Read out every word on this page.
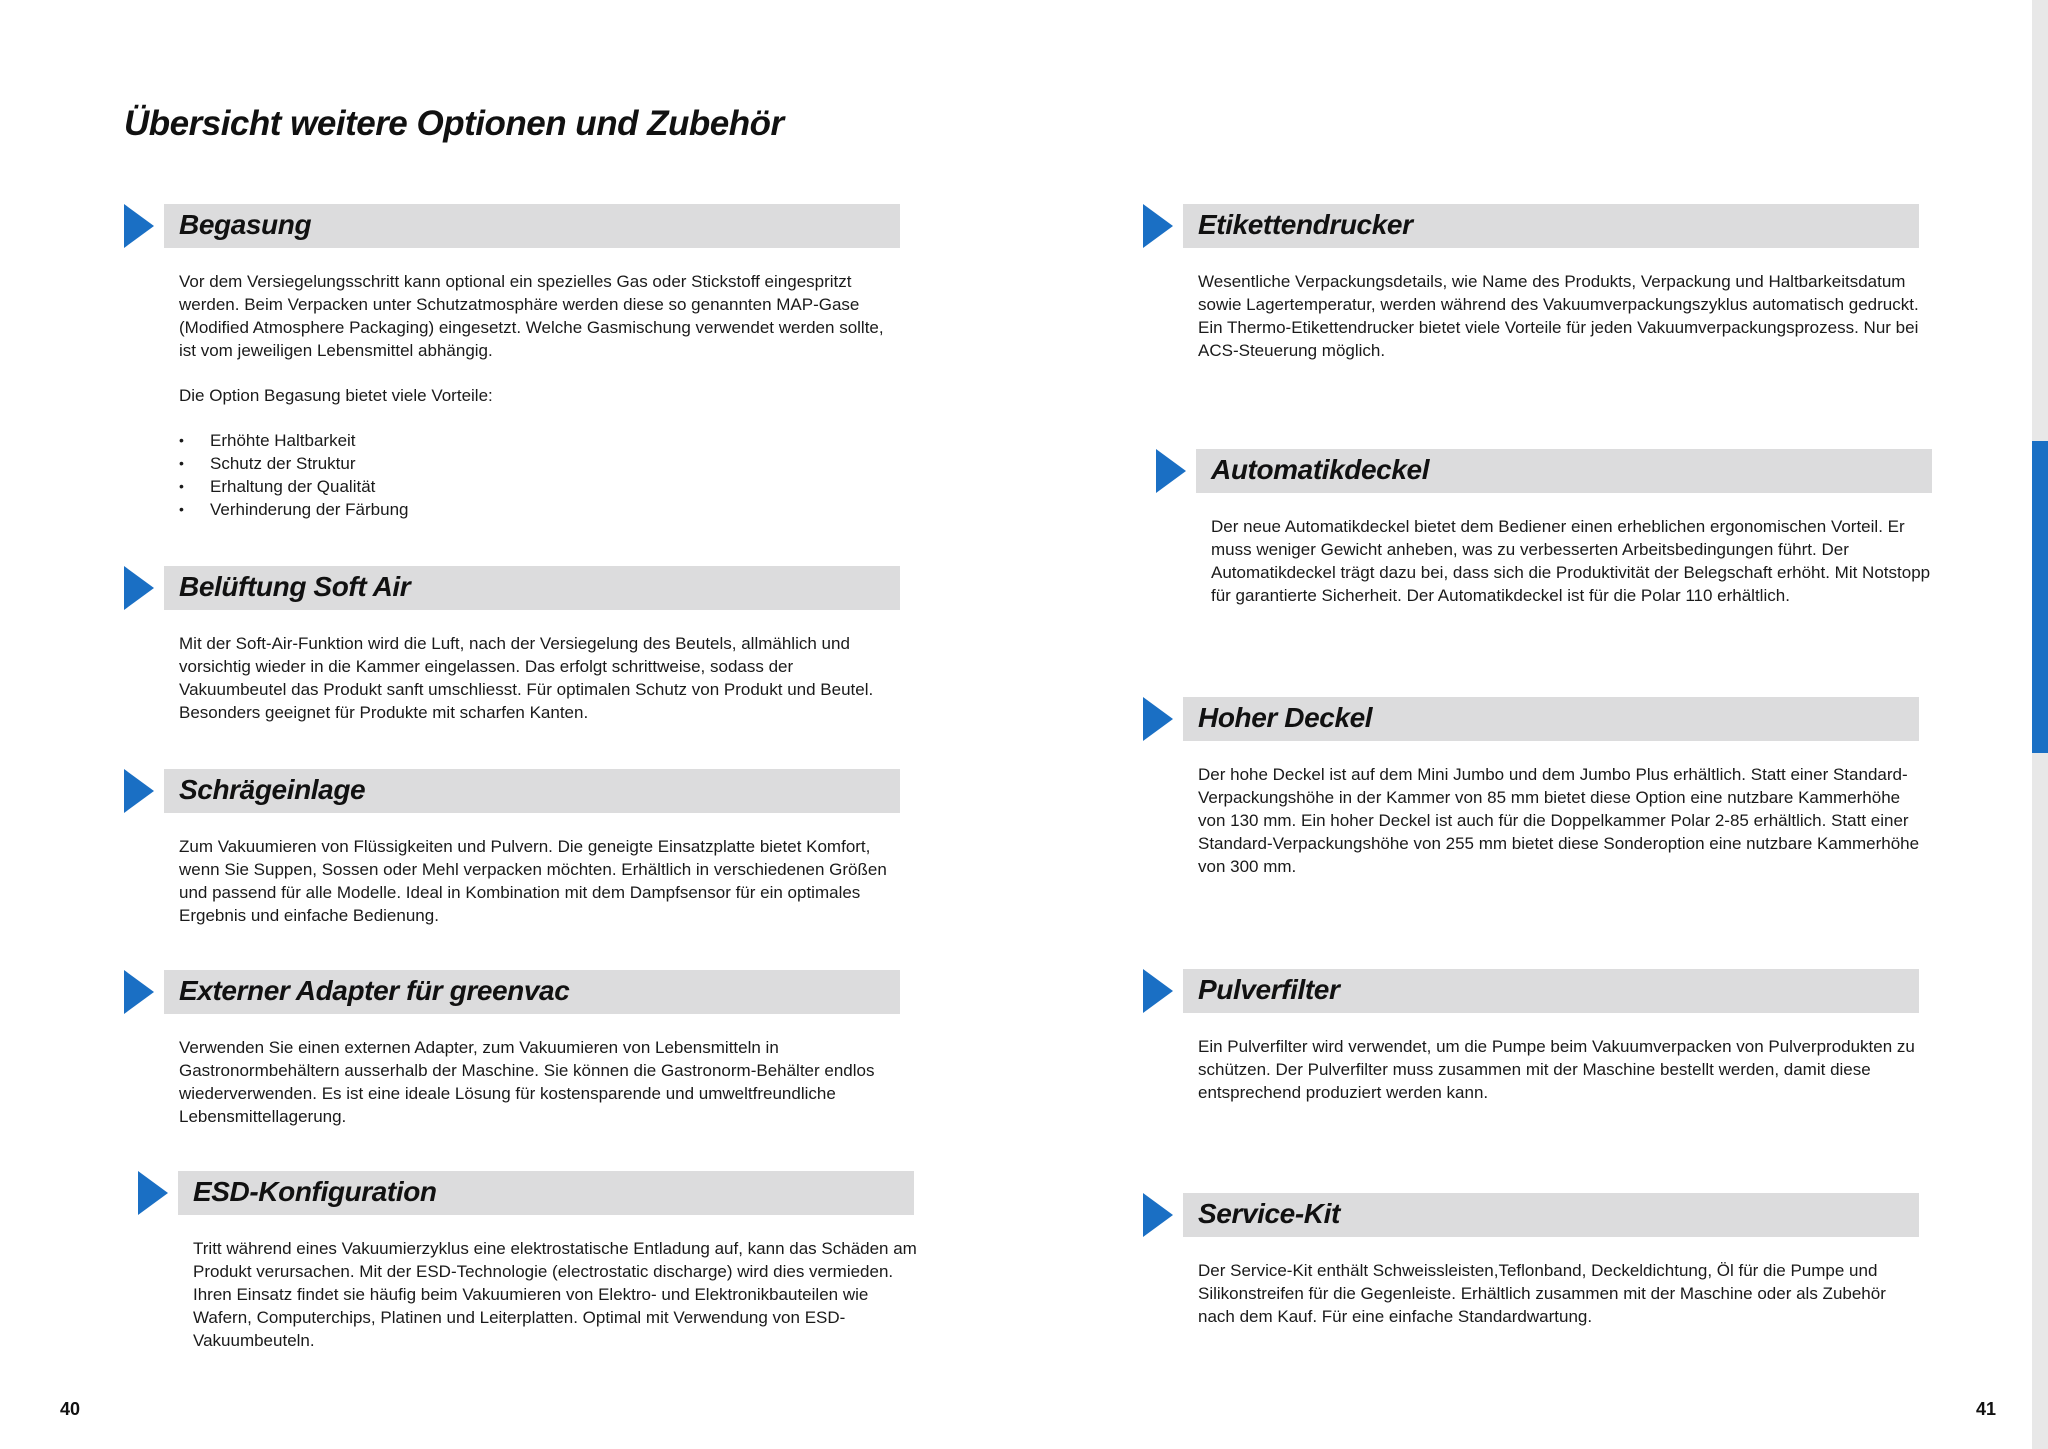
Übersicht weitere Optionen und Zubehör
Begasung

Vor dem Versiegelungsschritt kann optional ein spezielles Gas oder Stickstoff eingespritzt werden. Beim Verpacken unter Schutzatmosphäre werden diese so genannten MAP-Gase (Modified Atmosphere Packaging) eingesetzt. Welche Gasmischung verwendet werden sollte, ist vom jeweiligen Lebensmittel abhängig.

Die Option Begasung bietet viele Vorteile:

• Erhöhte Haltbarkeit
• Schutz der Struktur
• Erhaltung der Qualität
• Verhinderung der Färbung
Belüftung Soft Air

Mit der Soft-Air-Funktion wird die Luft, nach der Versiegelung des Beutels, allmählich und vorsichtig wieder in die Kammer eingelassen. Das erfolgt schrittweise, sodass der Vakuumbeutel das Produkt sanft umschliesst. Für optimalen Schutz von Produkt und Beutel. Besonders geeignet für Produkte mit scharfen Kanten.

Schrägeinlage

Zum Vakuumieren von Flüssigkeiten und Pulvern. Die geneigte Einsatzplatte bietet Komfort, wenn Sie Suppen, Sossen oder Mehl verpacken möchten. Erhältlich in verschiedenen Größen und passend für alle Modelle. Ideal in Kombination mit dem Dampfsensor für ein optimales Ergebnis und einfache Bedienung.

Externer Adapter für greenvac

Verwenden Sie einen externen Adapter, zum Vakuumieren von Lebensmitteln in Gastronormbehältern ausserhalb der Maschine. Sie können die Gastronorm-Behälter endlos wiederverwenden. Es ist eine ideale Lösung für kostensparende und umweltfreundliche Lebensmittellagerung.

ESD-Konfiguration

Tritt während eines Vakuumierzyklus eine elektrostatische Entladung auf, kann das Schäden am Produkt verursachen. Mit der ESD-Technologie (electrostatic discharge) wird dies vermieden. Ihren Einsatz findet sie häufig beim Vakuumieren von Elektro- und Elektronikbauteilen wie Wafern, Computerchips, Platinen und Leiterplatten. Optimal mit Verwendung von ESD-Vakuumbeuteln.

Etikettendrucker

Wesentliche Verpackungsdetails, wie Name des Produkts, Verpackung und Haltbarkeitsdatum sowie Lagertemperatur, werden während des Vakuumverpackungszyklus automatisch gedruckt. Ein Thermo-Etikettendrucker bietet viele Vorteile für jeden Vakuumverpackungsprozess. Nur bei ACS-Steuerung möglich.

Automatikdeckel

Der neue Automatikdeckel bietet dem Bediener einen erheblichen ergonomischen Vorteil. Er muss weniger Gewicht anheben, was zu verbesserten Arbeitsbedingungen führt. Der Automatikdeckel trägt dazu bei, dass sich die Produktivität der Belegschaft erhöht. Mit Notstopp für garantierte Sicherheit. Der Automatikdeckel ist für die Polar 110 erhältlich.

Hoher Deckel

Der hohe Deckel ist auf dem Mini Jumbo und dem Jumbo Plus erhältlich. Statt einer Standard-Verpackungshöhe in der Kammer von 85 mm bietet diese Option eine nutzbare Kammerhöhe von 130 mm. Ein hoher Deckel ist auch für die Doppelkammer Polar 2-85 erhältlich. Statt einer Standard-Verpackungshöhe von 255 mm bietet diese Sonderoption eine nutzbare Kammerhöhe von 300 mm.

Pulverfilter

Ein Pulverfilter wird verwendet, um die Pumpe beim Vakuumverpacken von Pulverprodukten zu schützen. Der Pulverfilter muss zusammen mit der Maschine bestellt werden, damit diese entsprechend produziert werden kann.

Service-Kit

Der Service-Kit enthält Schweissleisten,Teflonband, Deckeldichtung, Öl für die Pumpe und Silikonstreifen für die Gegenleiste. Erhältlich zusammen mit der Maschine oder als Zubehör nach dem Kauf. Für eine einfache Standardwartung.

40	41
